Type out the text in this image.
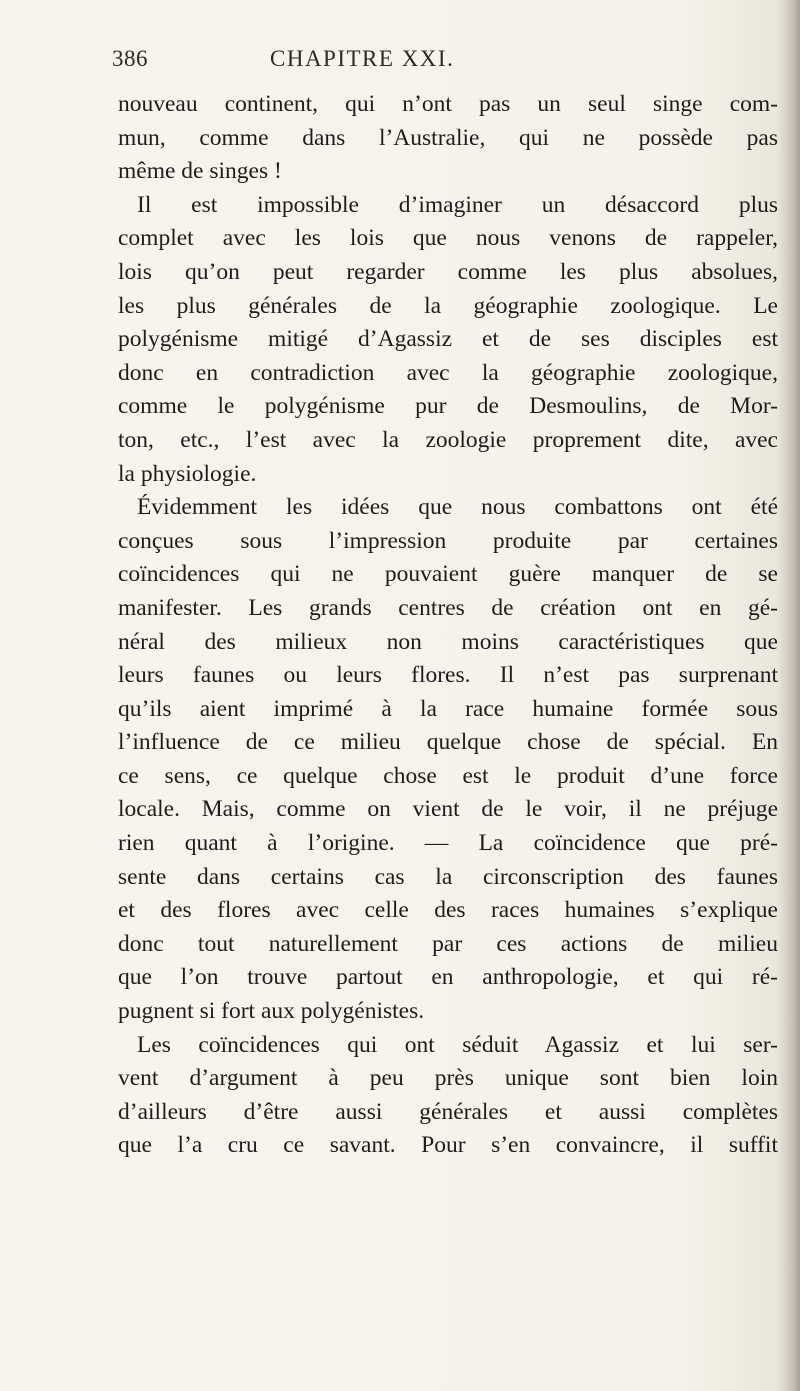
386	CHAPITRE XXI.
nouveau continent, qui n’ont pas un seul singe com-
mun, comme dans l’Australie, qui ne possède pas
même de singes !
Il est impossible d’imaginer un désaccord plus
complet avec les lois que nous venons de rappeler,
lois qu’on peut regarder comme les plus absolues,
les plus générales de la géographie zoologique. Le
polygénisme mitigé d’Agassiz et de ses disciples est
donc en contradiction avec la géographie zoologique,
comme le polygénisme pur de Desmoulins, de Mor-
ton, etc., l’est avec la zoologie proprement dite, avec
la physiologie.
Évidemment les idées que nous combattons ont été
conçues sous l’impression produite par certaines
coïncidences qui ne pouvaient guère manquer de se
manifester. Les grands centres de création ont en gé-
néral des milieux non moins caractéristiques que
leurs faunes ou leurs flores. Il n’est pas surprenant
qu’ils aient imprimé à la race humaine formée sous
l’influence de ce milieu quelque chose de spécial. En
ce sens, ce quelque chose est le produit d’une force
locale. Mais, comme on vient de le voir, il ne préjuge
rien quant à l’origine. — La coïncidence que pré-
sente dans certains cas la circonscription des faunes
et des flores avec celle des races humaines s’explique
donc tout naturellement par ces actions de milieu
que l’on trouve partout en anthropologie, et qui ré-
pugnent si fort aux polygénistes.
Les coïncidences qui ont séduit Agassiz et lui ser-
vent d’argument à peu près unique sont bien loin
d’ailleurs d’être aussi générales et aussi complètes
que l’a cru ce savant. Pour s’en convaincre, il suffit
